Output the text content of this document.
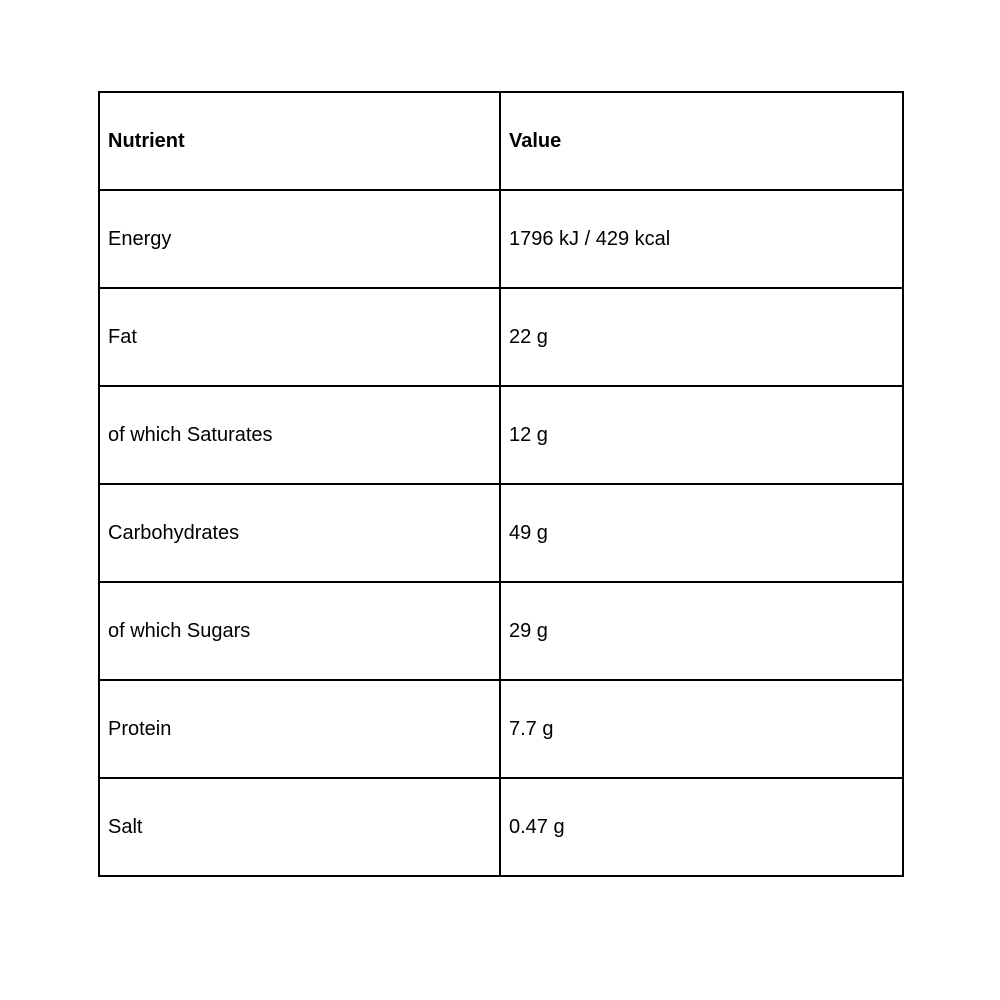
Nutrient	Value
Energy	1796 kJ / 429 kcal
Fat	22 g
of which Saturates	12 g
Carbohydrates	49 g
of which Sugars	29 g
Protein	7.7 g
Salt	0.47 g
